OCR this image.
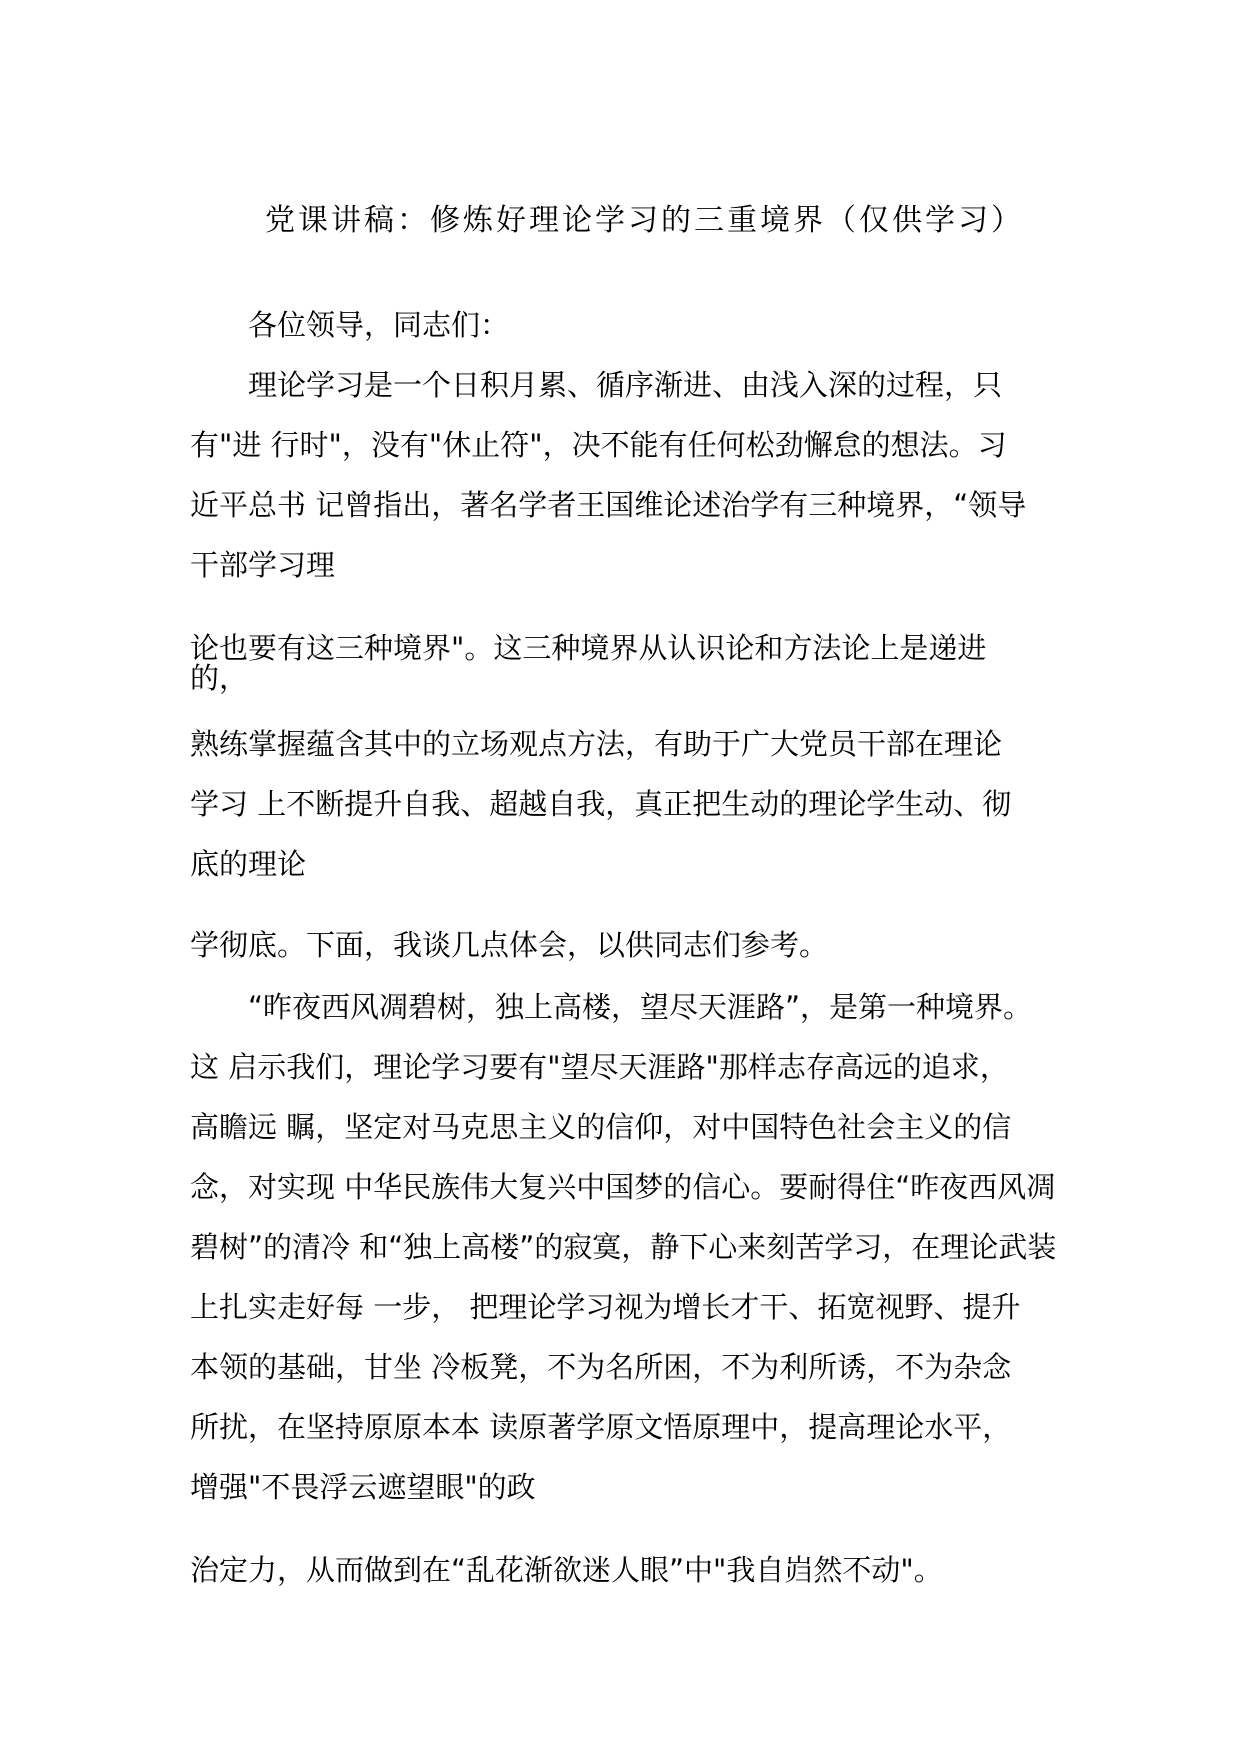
党课讲稿：修炼好理论学习的三重境界（仅供学习）
各位领导，同志们：
理论学习是一个日积月累、循序渐进、由浅入深的过程，只
有"进 行时"，没有"休止符"，决不能有任何松劲懈怠的想法。习
近平总书 记曾指出，著名学者王国维论述治学有三种境界，“领导
干部学习理
论也要有这三种境界"。这三种境界从认识论和方法论上是递进
的，
熟练掌握蕴含其中的立场观点方法，有助于广大党员干部在理论
学习 上不断提升自我、超越自我，真正把生动的理论学生动、彻
底的理论
学彻底。下面，我谈几点体会，以供同志们参考。
“昨夜西风凋碧树，独上高楼，望尽天涯路”，是第一种境界。
这 启示我们，理论学习要有"望尽天涯路"那样志存高远的追求，
高瞻远 瞩，坚定对马克思主义的信仰，对中国特色社会主义的信
念，对实现 中华民族伟大复兴中国梦的信心。要耐得住“昨夜西风凋
碧树”的清冷 和“独上高楼”的寂寞，静下心来刻苦学习，在理论武装
上扎实走好每 一步， 把理论学习视为增长才干、拓宽视野、提升
本领的基础，甘坐 冷板凳，不为名所困，不为利所诱，不为杂念
所扰，在坚持原原本本 读原著学原文悟原理中，提高理论水平，
增强"不畏浮云遮望眼"的政
治定力，从而做到在“乱花渐欲迷人眼”中"我自岿然不动"。
